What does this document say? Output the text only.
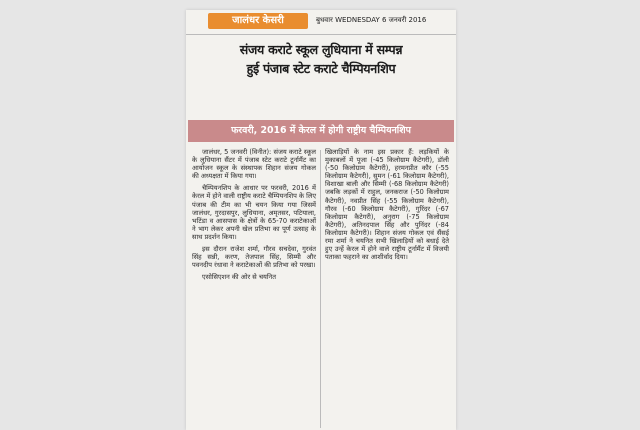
जालंधर केसरी	बुधवार WEDNESDAY 6 जनवरी 2016
संजय कराटे स्कूल लुधियाना में सम्पन्न
हुई पंजाब स्टेट कराटे चैम्पियनशिप
फरवरी, 2016 में केरल में होगी राष्ट्रीय चैम्पियनशिप

जालंधर, 5 जनवरी (विनीत): संजय कराटे स्कूल के लुधियाना सैंटर में पंजाब स्टेट कराटे टूर्नामैंट का आयोजन स्कूल के संस्थापक शिहान संजय गोकल की अध्यक्षता में किया गया।

चैम्पियनशिप के आधार पर फरवरी, 2016 में केरल में होने वाली राष्ट्रीय कराटे चैम्पियनशिप के लिए पंजाब की टीम का भी चयन किया गया जिसमें जालंधर, गुरदासपुर, लुधियाना, अमृतसर, पटियाला, भटिंडा व आसपास के क्षेत्रों के 65-70 कराटेकाओं ने भाग लेकर अपनी खेल प्रतिभा का पूर्ण उत्साह के साथ प्रदर्शन किया।

इस दौरान राजेश शर्मा, गौरव सचदेवा, गुरवंत सिंह सन्नी, करण, तेजपाल सिंह, सिम्मी और पवनदीप रंधावा ने कराटेकाओं की प्रतिभा को परखा।

एसोसिएशन की ओर से चयनित

खिलाड़ियों के नाम इस प्रकार हैं: लड़कियों के मुकाबलों में पूजा (-45 किलोग्राम कैटेगरी), डॉली (-50 किलोग्राम कैटेगरी), हरमनप्रीत कौर (-55 किलोग्राम कैटेगरी), सुमन (-61 किलोग्राम कैटेगरी), विशाखा बाली और सिम्मी (-68 किलोग्राम कैटेगरी) जबकि लड़कों में राहुल, जनकराज (-50 किलोग्राम कैटेगरी), नवप्रीत सिंह (-55 किलोग्राम कैटेगरी), गौरव (-60 किलोग्राम कैटेगरी), गुरिंदर (-67 किलोग्राम कैटेगरी), अनुराग (-75 किलोग्राम कैटेगरी), अतिनदपाल सिंह और पुनिंदर (-84 किलोग्राम कैटेगरी)। शिहान संजय गोकल एवं सैंसई रमा शर्मा ने चयनित सभी खिलाड़ियों को बधाई देते हुए उन्हें केरल में होने वाले राष्ट्रीय टूर्नामैंट में विजयी पताका फहराने का आशीर्वाद दिया।
